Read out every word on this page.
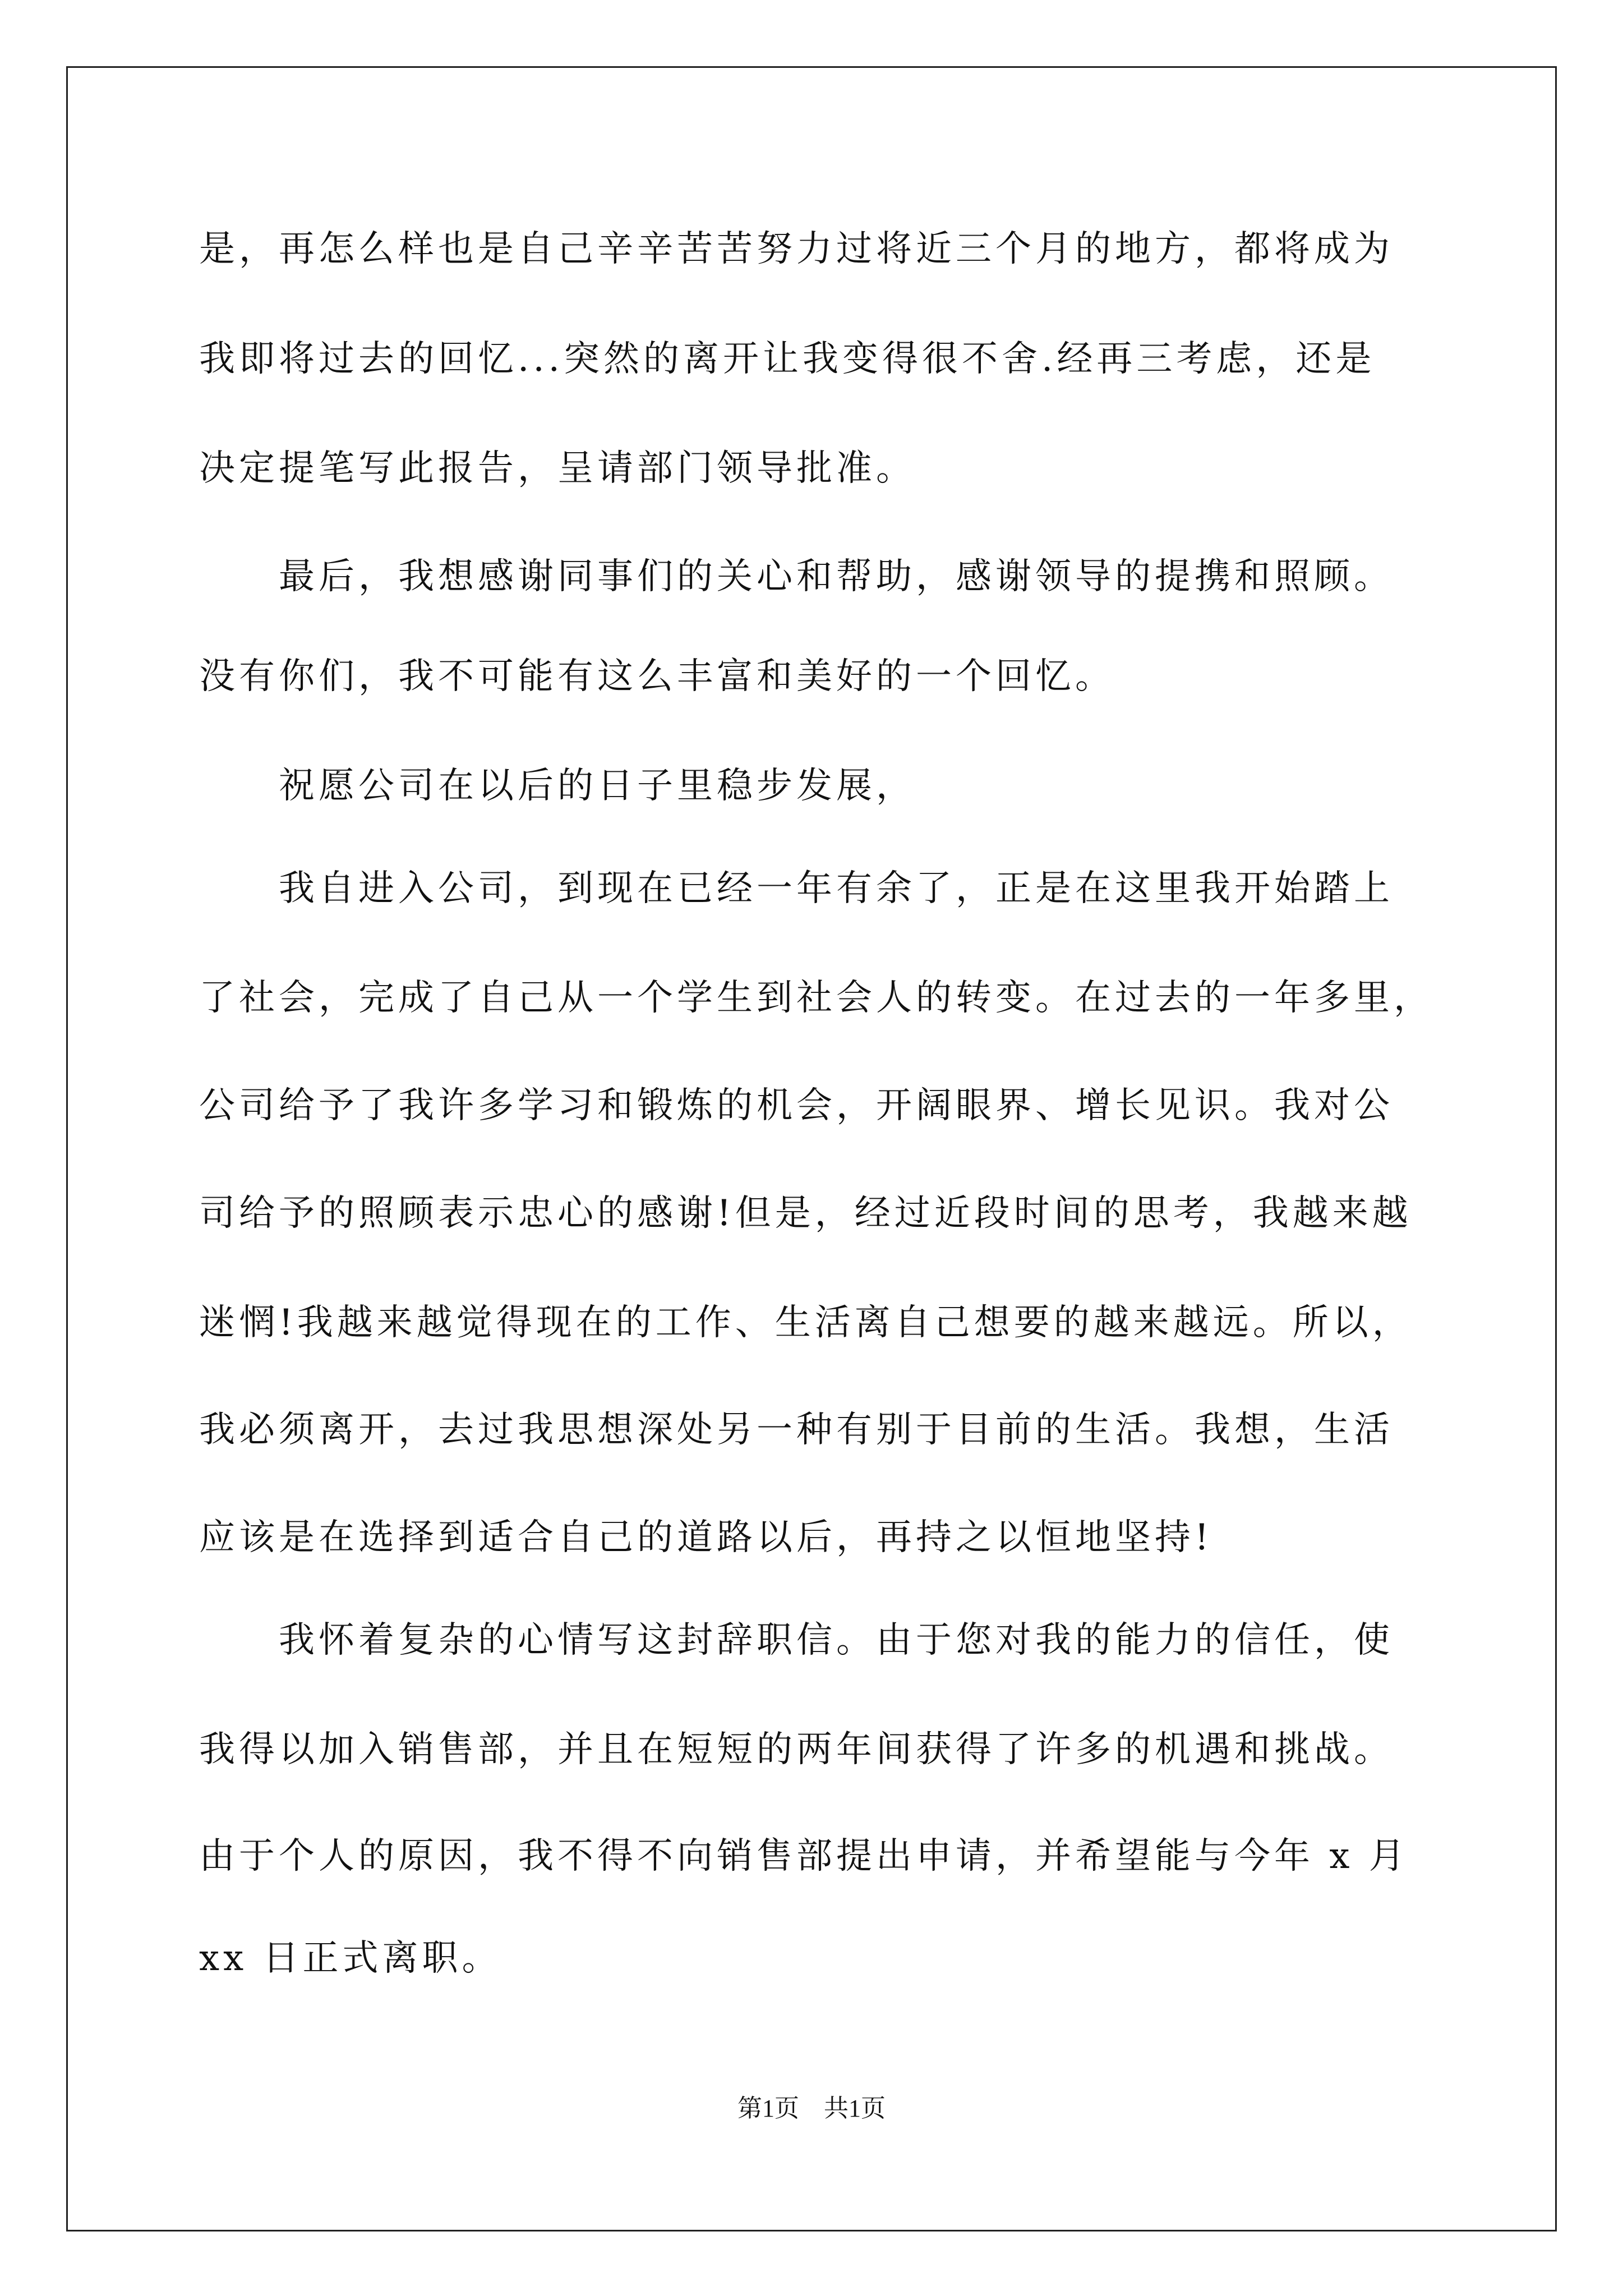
是，再怎么样也是自己辛辛苦苦努力过将近三个月的地方，都将成为
我即将过去的回忆...突然的离开让我变得很不舍.经再三考虑，还是
决定提笔写此报告，呈请部门领导批准。
　　最后，我想感谢同事们的关心和帮助，感谢领导的提携和照顾。
没有你们，我不可能有这么丰富和美好的一个回忆。
　　祝愿公司在以后的日子里稳步发展，
　　我自进入公司，到现在已经一年有余了，正是在这里我开始踏上
了社会，完成了自己从一个学生到社会人的转变。在过去的一年多里，
公司给予了我许多学习和锻炼的机会，开阔眼界、增长见识。我对公
司给予的照顾表示忠心的感谢!但是，经过近段时间的思考，我越来越
迷惘!我越来越觉得现在的工作、生活离自己想要的越来越远。所以，
我必须离开，去过我思想深处另一种有别于目前的生活。我想，生活
应该是在选择到适合自己的道路以后，再持之以恒地坚持!
　　我怀着复杂的心情写这封辞职信。由于您对我的能力的信任，使
我得以加入销售部，并且在短短的两年间获得了许多的机遇和挑战。
由于个人的原因，我不得不向销售部提出申请，并希望能与今年 x 月
xx 日正式离职。
第1页　共1页
